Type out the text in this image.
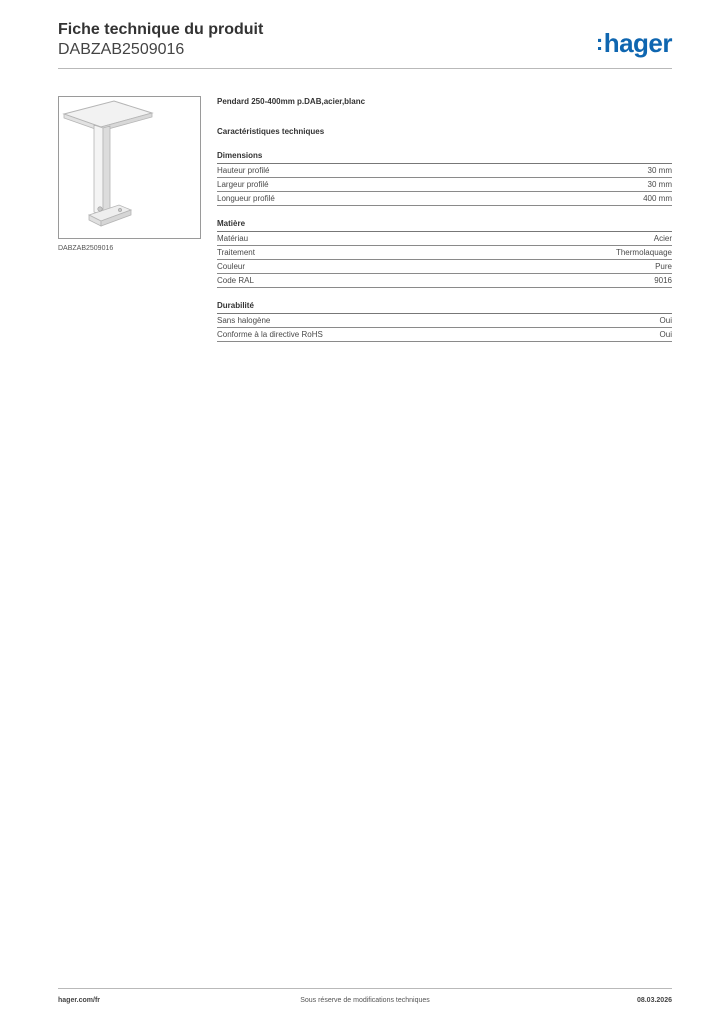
Fiche technique du produit
DABZAB2509016	:hager
DABZAB2509016
Pendard 250-400mm p.DAB,acier,blanc
Caractéristiques techniques
Dimensions
Hauteur profilé	30 mm
Largeur profilé	30 mm
Longueur profilé	400 mm
Matière
Matériau	Acier
Traitement	Thermolaquage
Couleur	Pure
Code RAL	9016
Durabilité
Sans halogène	Oui
Conforme à la directive RoHS	Oui
hager.com/fr	Sous réserve de modifications techniques	08.03.2026
